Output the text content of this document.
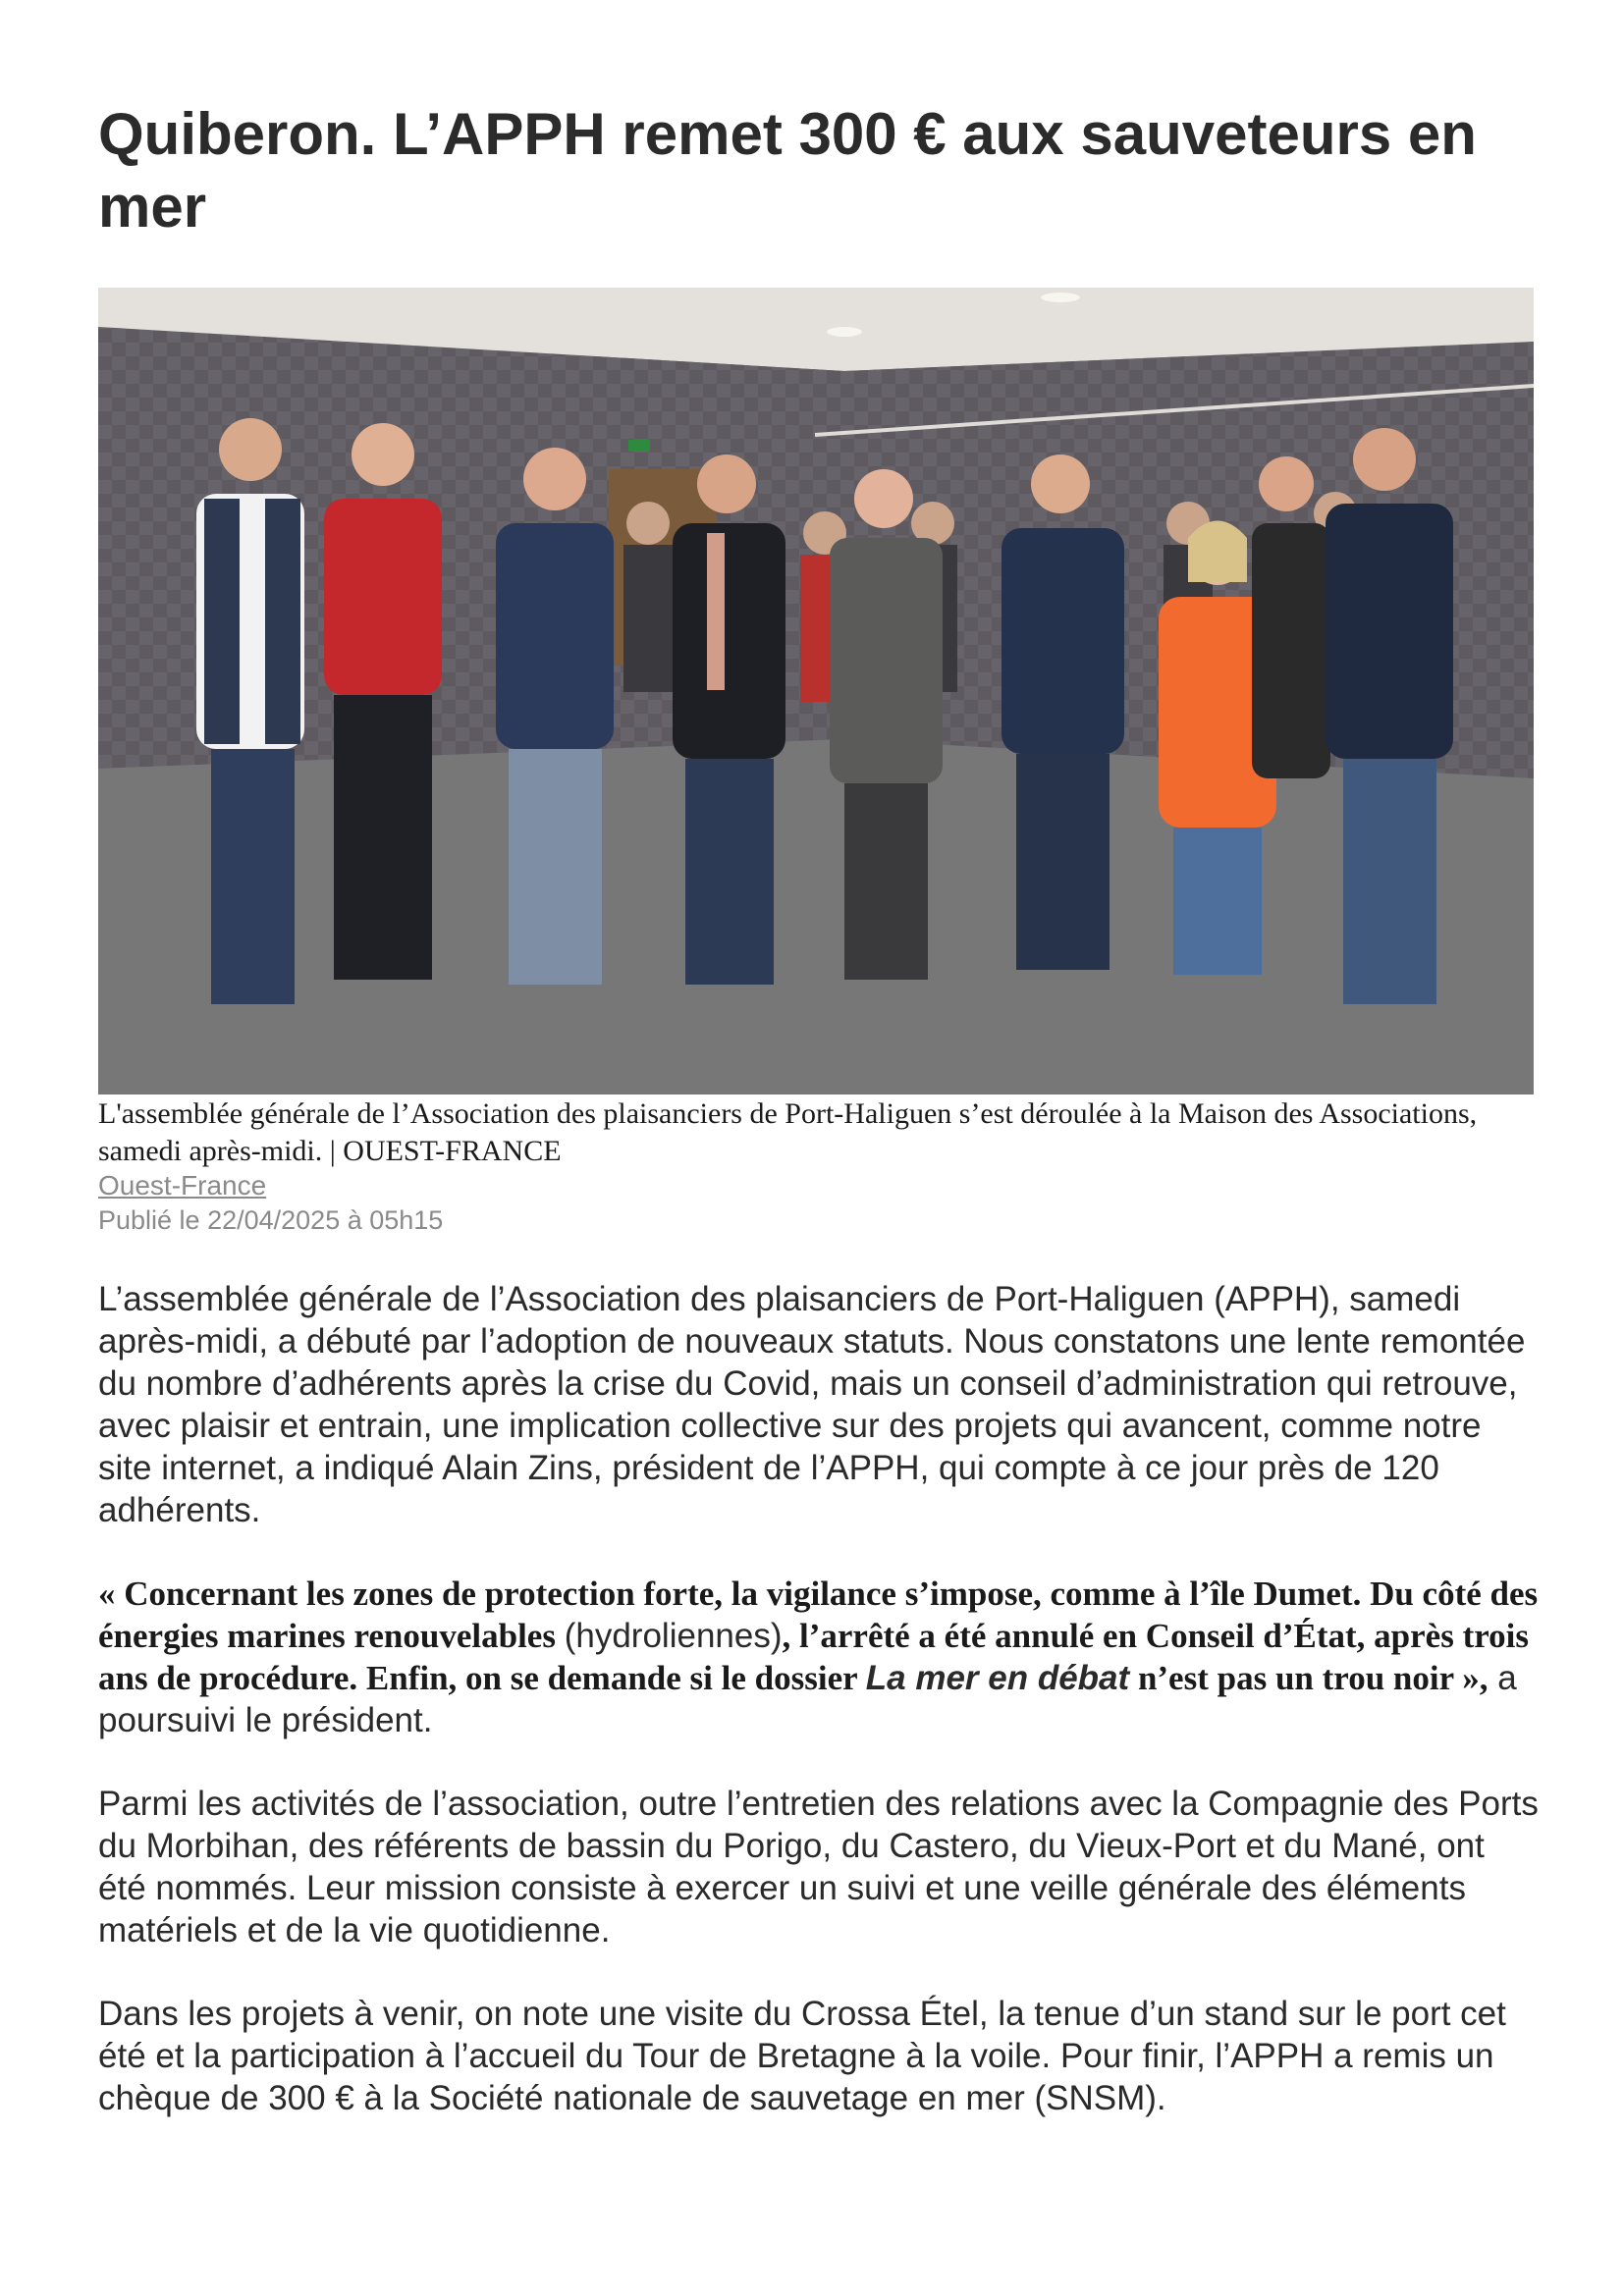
Quiberon. L’APPH remet 300 € aux sauveteurs en mer
L'assemblée générale de l’Association des plaisanciers de Port-Haliguen s’est déroulée à la Maison des Associations, samedi après-midi. | OUEST-FRANCE
Ouest-France
Publié le 22/04/2025 à 05h15

L’assemblée générale de l’Association des plaisanciers de Port-Haliguen (APPH), samedi après-midi, a débuté par l’adoption de nouveaux statuts. Nous constatons une lente remontée du nombre d’adhérents après la crise du Covid, mais un conseil d’administration qui retrouve, avec plaisir et entrain, une implication collective sur des projets qui avancent, comme notre site internet, a indiqué Alain Zins, président de l’APPH, qui compte à ce jour près de 120 adhérents.

« Concernant les zones de protection forte, la vigilance s’impose, comme à l’île Dumet. Du côté des énergies marines renouvelables (hydroliennes), l’arrêté a été annulé en Conseil d’État, après trois ans de procédure. Enfin, on se demande si le dossier La mer en débat n’est pas un trou noir », a poursuivi le président.

Parmi les activités de l’association, outre l’entretien des relations avec la Compagnie des Ports du Morbihan, des référents de bassin du Porigo, du Castero, du Vieux-Port et du Mané, ont été nommés. Leur mission consiste à exercer un suivi et une veille générale des éléments matériels et de la vie quotidienne.

Dans les projets à venir, on note une visite du Crossa Étel, la tenue d’un stand sur le port cet été et la participation à l’accueil du Tour de Bretagne à la voile. Pour finir, l’APPH a remis un chèque de 300 € à la Société nationale de sauvetage en mer (SNSM).
